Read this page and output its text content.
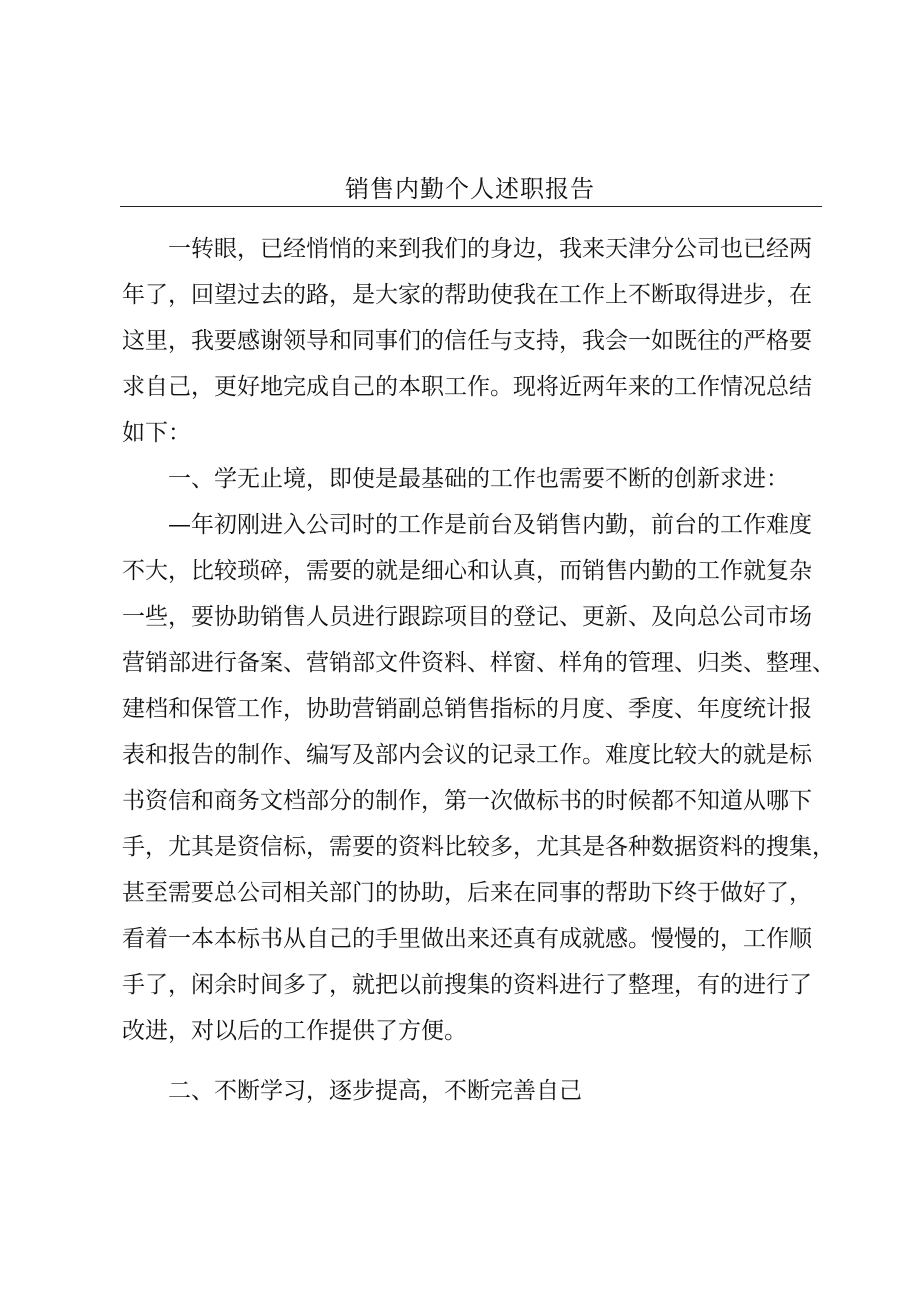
销售内勤个人述职报告

一转眼，已经悄悄的来到我们的身边，我来天津分公司也已经两
年了，回望过去的路，是大家的帮助使我在工作上不断取得进步，在
这里，我要感谢领导和同事们的信任与支持，我会一如既往的严格要
求自己，更好地完成自己的本职工作。现将近两年来的工作情况总结
如下：

一、学无止境，即使是最基础的工作也需要不断的创新求进：

—年初刚进入公司时的工作是前台及销售内勤，前台的工作难度
不大，比较琐碎，需要的就是细心和认真，而销售内勤的工作就复杂
一些，要协助销售人员进行跟踪项目的登记、更新、及向总公司市场
营销部进行备案、营销部文件资料、样窗、样角的管理、归类、整理、
建档和保管工作，协助营销副总销售指标的月度、季度、年度统计报
表和报告的制作、编写及部内会议的记录工作。难度比较大的就是标
书资信和商务文档部分的制作，第一次做标书的时候都不知道从哪下
手，尤其是资信标，需要的资料比较多，尤其是各种数据资料的搜集，
甚至需要总公司相关部门的协助，后来在同事的帮助下终于做好了，
看着一本本标书从自己的手里做出来还真有成就感。慢慢的，工作顺
手了，闲余时间多了，就把以前搜集的资料进行了整理，有的进行了
改进，对以后的工作提供了方便。

二、不断学习，逐步提高，不断完善自己
